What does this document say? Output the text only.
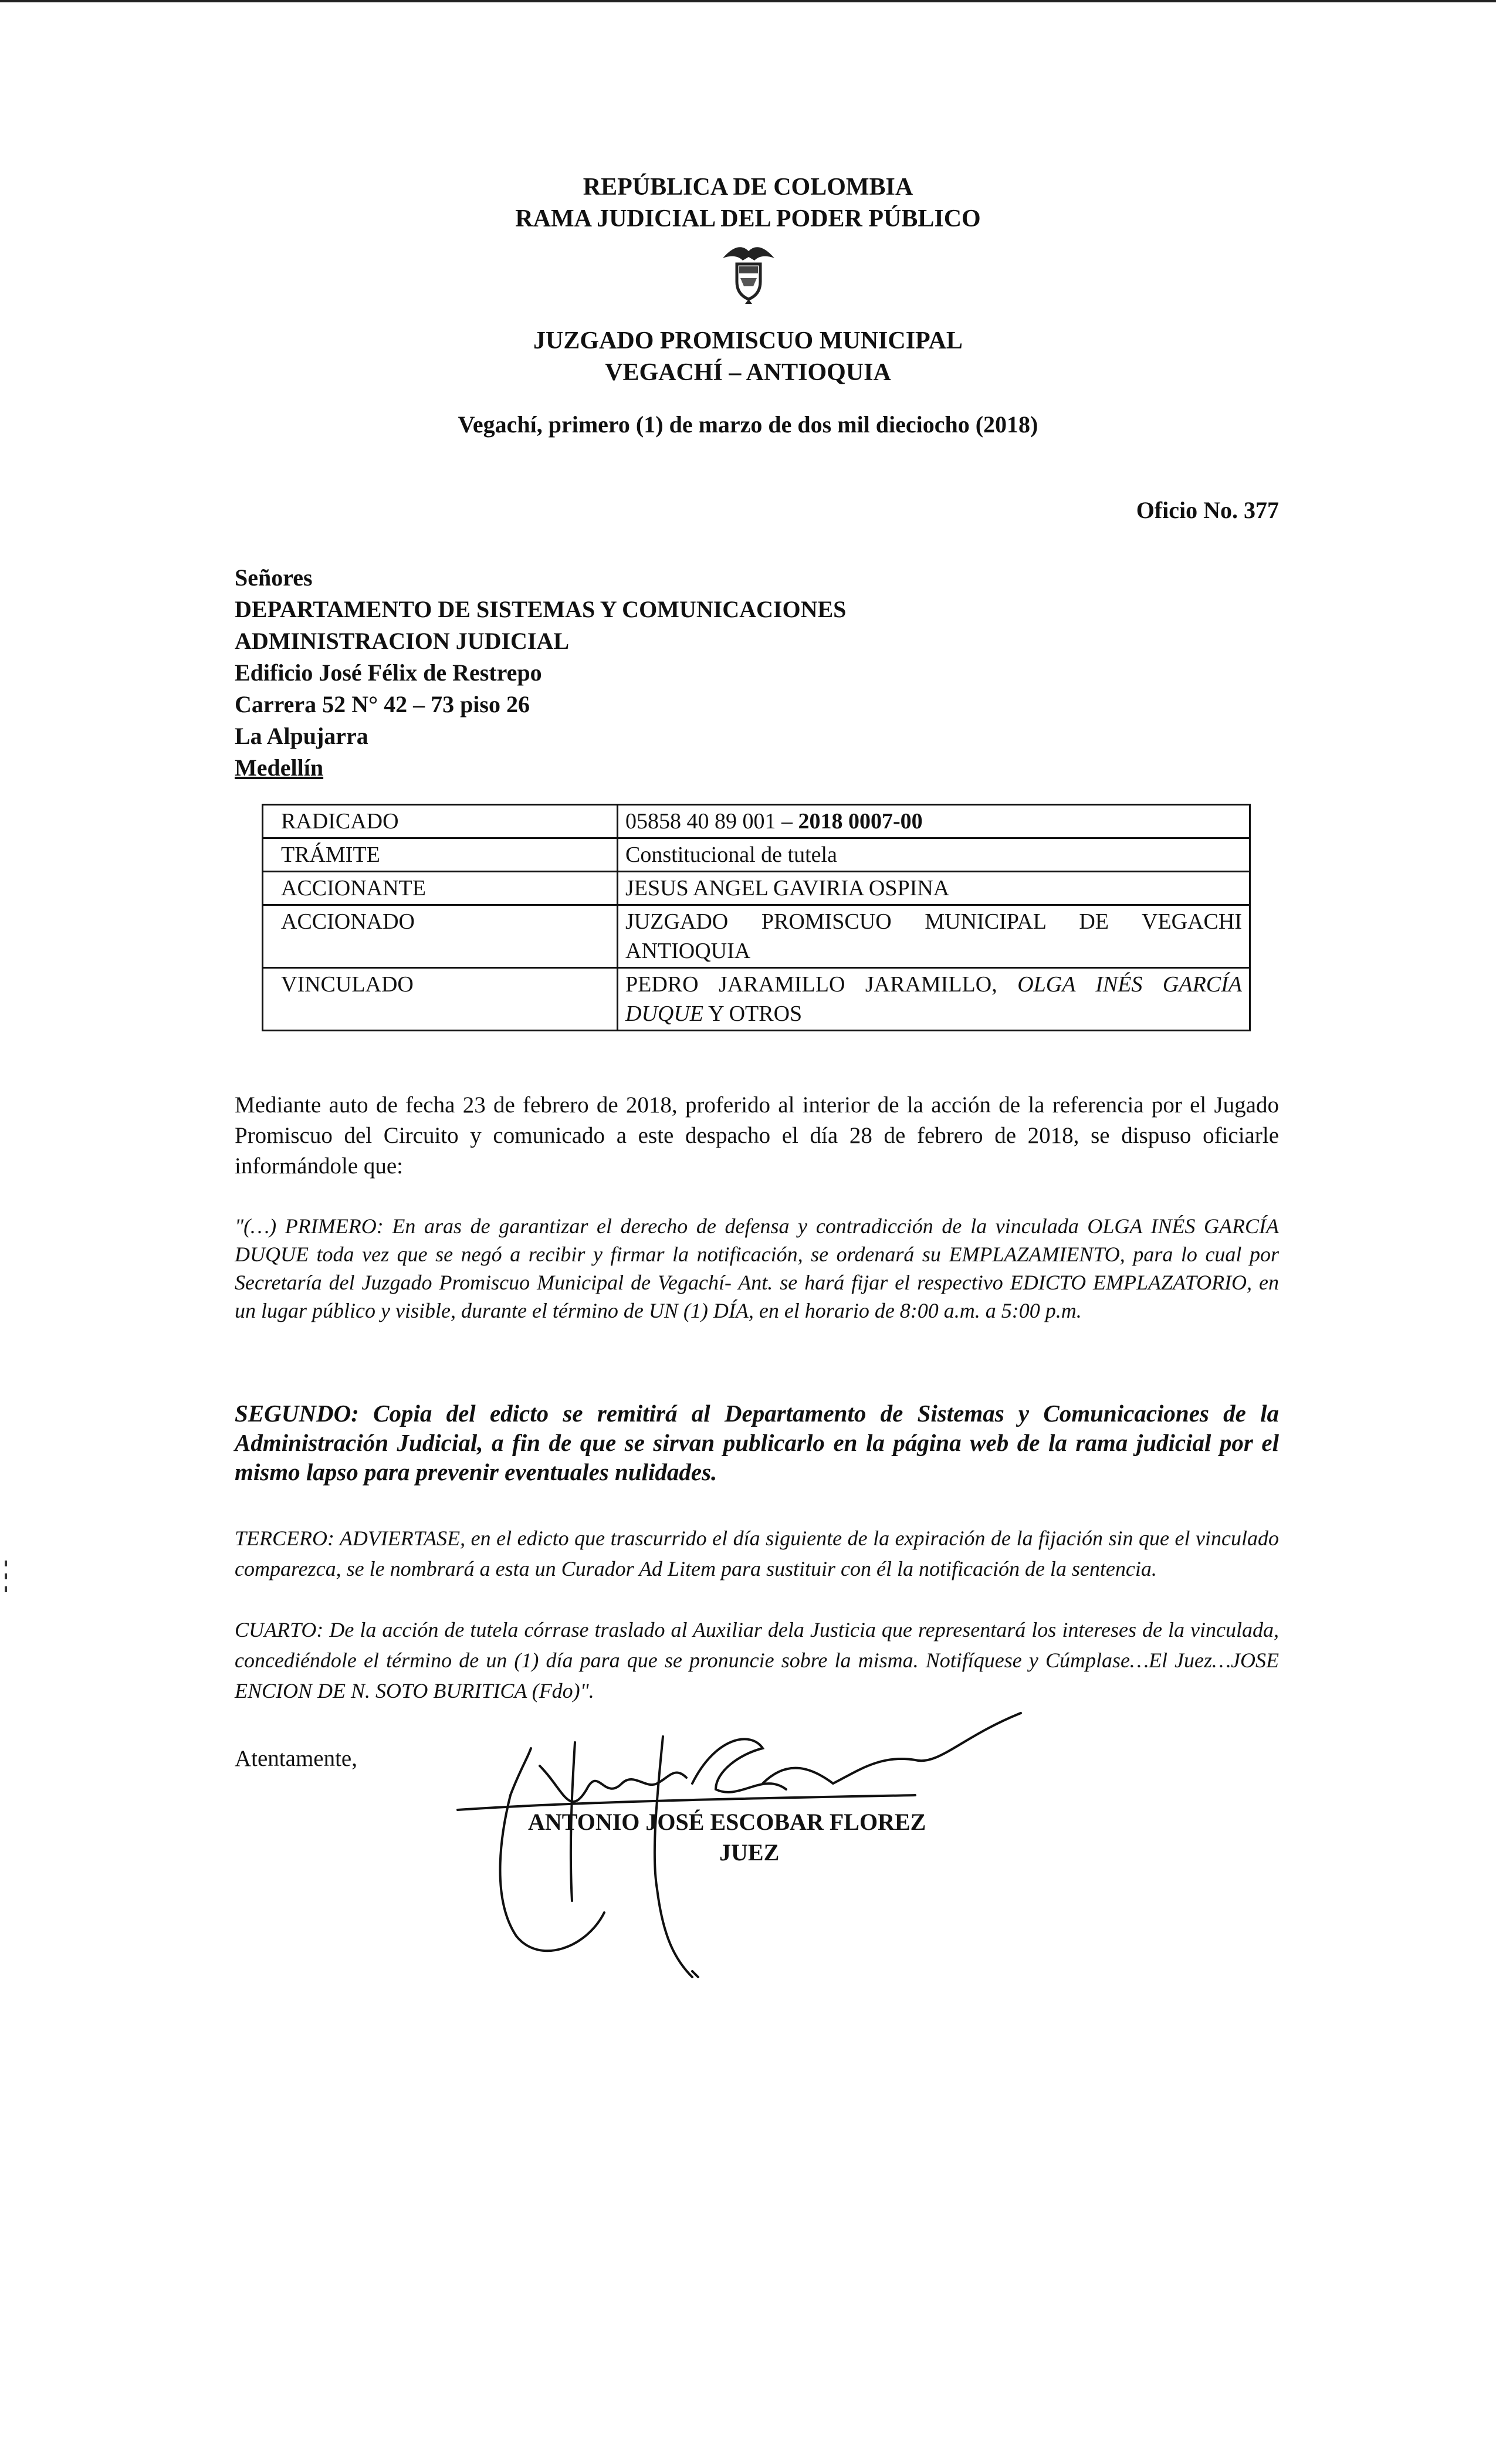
REPÚBLICA DE COLOMBIA
RAMA JUDICIAL DEL PODER PÚBLICO
JUZGADO PROMISCUO MUNICIPAL
VEGACHÍ – ANTIOQUIA
Vegachí, primero (1) de marzo de dos mil dieciocho (2018)
Oficio No. 377
Señores
DEPARTAMENTO DE SISTEMAS Y COMUNICACIONES
ADMINISTRACION JUDICIAL
Edificio José Félix de Restrepo
Carrera 52 N° 42 – 73 piso 26
La Alpujarra
Medellín
RADICADO	05858 40 89 001 – 2018 0007-00
TRÁMITE	Constitucional de tutela
ACCIONANTE	JESUS ANGEL GAVIRIA OSPINA
ACCIONADO	JUZGADO PROMISCUO MUNICIPAL DE VEGACHI ANTIOQUIA
VINCULADO	PEDRO JARAMILLO JARAMILLO, OLGA INÉS GARCÍA DUQUE Y OTROS
Mediante auto de fecha 23 de febrero de 2018, proferido al interior de la acción de la referencia por el Jugado Promiscuo del Circuito y comunicado a este despacho el día 28 de febrero de 2018, se dispuso oficiarle informándole que:
"(…) PRIMERO: En aras de garantizar el derecho de defensa y contradicción de la vinculada OLGA INÉS GARCÍA DUQUE toda vez que se negó a recibir y firmar la notificación, se ordenará su EMPLAZAMIENTO, para lo cual por Secretaría del Juzgado Promiscuo Municipal de Vegachí- Ant. se hará fijar el respectivo EDICTO EMPLAZATORIO, en un lugar público y visible, durante el término de UN (1) DÍA, en el horario de 8:00 a.m. a 5:00 p.m.
SEGUNDO: Copia del edicto se remitirá al Departamento de Sistemas y Comunicaciones de la Administración Judicial, a fin de que se sirvan publicarlo en la página web de la rama judicial por el mismo lapso para prevenir eventuales nulidades.
TERCERO: ADVIERTASE, en el edicto que trascurrido el día siguiente de la expiración de la fijación sin que el vinculado comparezca, se le nombrará a esta un Curador Ad Litem para sustituir con él la notificación de la sentencia.
CUARTO: De la acción de tutela córrase traslado al Auxiliar dela Justicia que representará los intereses de la vinculada, concediéndole el término de un (1) día para que se pronuncie sobre la misma. Notifíquese y Cúmplase…El Juez…JOSE ENCION DE N. SOTO BURITICA (Fdo)".
Atentamente,
ANTONIO JOSÉ ESCOBAR FLOREZ
JUEZ
